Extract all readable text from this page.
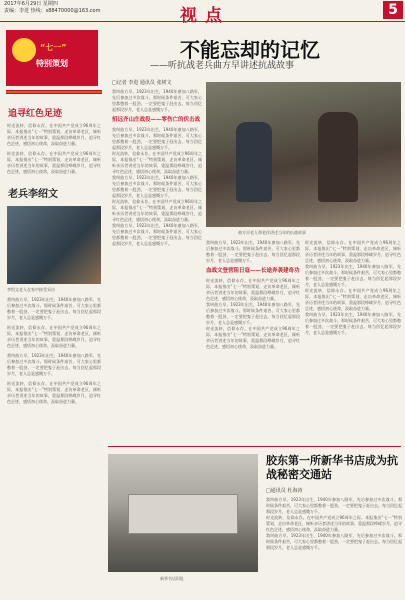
2017年6月29日 星期四
责编：李进 热线：s88470000@163.com	视点	5
“七一”
特别策划
追寻红色足迹
时光流转，信仰永存。在中国共产党成立96周年之际，本报推出“七一”特别策划，走访革命老区，倾听亲历者讲述当年的故事，重温那段峥嵘岁月，追寻红色足迹，感悟初心使命，汲取奋进力量。
时光流转，信仰永存。在中国共产党成立96周年之际，本报推出“七一”特别策划，走访革命老区，倾听亲历者讲述当年的故事，重温那段峥嵘岁月，追寻红色足迹，感悟初心使命，汲取奋进力量。
老兵李绍文
李绍文老人在家中接受采访
我叫曲方早，1923年出生，1940年参加八路军，先后参加过多次战斗。那时候条件艰苦，可大家心里都憋着一股劲，一定要把鬼子赶出去。每当回忆起那段岁月，老人总是感慨万千。
时光流转，信仰永存。在中国共产党成立96周年之际，本报推出“七一”特别策划，走访革命老区，倾听亲历者讲述当年的故事，重温那段峥嵘岁月，追寻红色足迹，感悟初心使命，汲取奋进力量。
我叫曲方早，1923年出生，1940年参加八路军，先后参加过多次战斗。那时候条件艰苦，可大家心里都憋着一股劲，一定要把鬼子赶出去。每当回忆起那段岁月，老人总是感慨万千。
时光流转，信仰永存。在中国共产党成立96周年之际，本报推出“七一”特别策划，走访革命老区，倾听亲历者讲述当年的故事，重温那段峥嵘岁月，追寻红色足迹，感悟初心使命，汲取奋进力量。
不能忘却的记忆
——听抗战老兵曲方早讲述抗战故事
□记者 李进 通讯员 张树文
我叫曲方早，1923年出生，1940年参加八路军，先后参加过多次战斗。那时候条件艰苦，可大家心里都憋着一股劲，一定要把鬼子赶出去。每当回忆起那段岁月，老人总是感慨万千。
招远齐山庄战役——零伤亡的伏击战
我叫曲方早，1923年出生，1940年参加八路军，先后参加过多次战斗。那时候条件艰苦，可大家心里都憋着一股劲，一定要把鬼子赶出去。每当回忆起那段岁月，老人总是感慨万千。
时光流转，信仰永存。在中国共产党成立96周年之际，本报推出“七一”特别策划，走访革命老区，倾听亲历者讲述当年的故事，重温那段峥嵘岁月，追寻红色足迹，感悟初心使命，汲取奋进力量。
我叫曲方早，1923年出生，1940年参加八路军，先后参加过多次战斗。那时候条件艰苦，可大家心里都憋着一股劲，一定要把鬼子赶出去。每当回忆起那段岁月，老人总是感慨万千。
时光流转，信仰永存。在中国共产党成立96周年之际，本报推出“七一”特别策划，走访革命老区，倾听亲历者讲述当年的故事，重温那段峥嵘岁月，追寻红色足迹，感悟初心使命，汲取奋进力量。
我叫曲方早，1923年出生，1940年参加八路军，先后参加过多次战斗。那时候条件艰苦，可大家心里都憋着一股劲，一定要把鬼子赶出去。每当回忆起那段岁月，老人总是感慨万千。
曲方早老人和老伴讲述当年的抗战故事
我叫曲方早，1923年出生，1940年参加八路军，先后参加过多次战斗。那时候条件艰苦，可大家心里都憋着一股劲，一定要把鬼子赶出去。每当回忆起那段岁月，老人总是感慨万千。
血战文登营阻日寇——长途奔袭建奇功
时光流转，信仰永存。在中国共产党成立96周年之际，本报推出“七一”特别策划，走访革命老区，倾听亲历者讲述当年的故事，重温那段峥嵘岁月，追寻红色足迹，感悟初心使命，汲取奋进力量。
我叫曲方早，1923年出生，1940年参加八路军，先后参加过多次战斗。那时候条件艰苦，可大家心里都憋着一股劲，一定要把鬼子赶出去。每当回忆起那段岁月，老人总是感慨万千。
时光流转，信仰永存。在中国共产党成立96周年之际，本报推出“七一”特别策划，走访革命老区，倾听亲历者讲述当年的故事，重温那段峥嵘岁月，追寻红色足迹，感悟初心使命，汲取奋进力量。
时光流转，信仰永存。在中国共产党成立96周年之际，本报推出“七一”特别策划，走访革命老区，倾听亲历者讲述当年的故事，重温那段峥嵘岁月，追寻红色足迹，感悟初心使命，汲取奋进力量。
我叫曲方早，1923年出生，1940年参加八路军，先后参加过多次战斗。那时候条件艰苦，可大家心里都憋着一股劲，一定要把鬼子赶出去。每当回忆起那段岁月，老人总是感慨万千。
时光流转，信仰永存。在中国共产党成立96周年之际，本报推出“七一”特别策划，走访革命老区，倾听亲历者讲述当年的故事，重温那段峥嵘岁月，追寻红色足迹，感悟初心使命，汲取奋进力量。
我叫曲方早，1923年出生，1940年参加八路军，先后参加过多次战斗。那时候条件艰苦，可大家心里都憋着一股劲，一定要把鬼子赶出去。每当回忆起那段岁月，老人总是感慨万千。
新华书店旧址
胶东第一所新华书店成为抗战秘密交通站
□通讯员 杜海涛
我叫曲方早，1923年出生，1940年参加八路军，先后参加过多次战斗。那时候条件艰苦，可大家心里都憋着一股劲，一定要把鬼子赶出去。每当回忆起那段岁月，老人总是感慨万千。
时光流转，信仰永存。在中国共产党成立96周年之际，本报推出“七一”特别策划，走访革命老区，倾听亲历者讲述当年的故事，重温那段峥嵘岁月，追寻红色足迹，感悟初心使命，汲取奋进力量。
我叫曲方早，1923年出生，1940年参加八路军，先后参加过多次战斗。那时候条件艰苦，可大家心里都憋着一股劲，一定要把鬼子赶出去。每当回忆起那段岁月，老人总是感慨万千。
